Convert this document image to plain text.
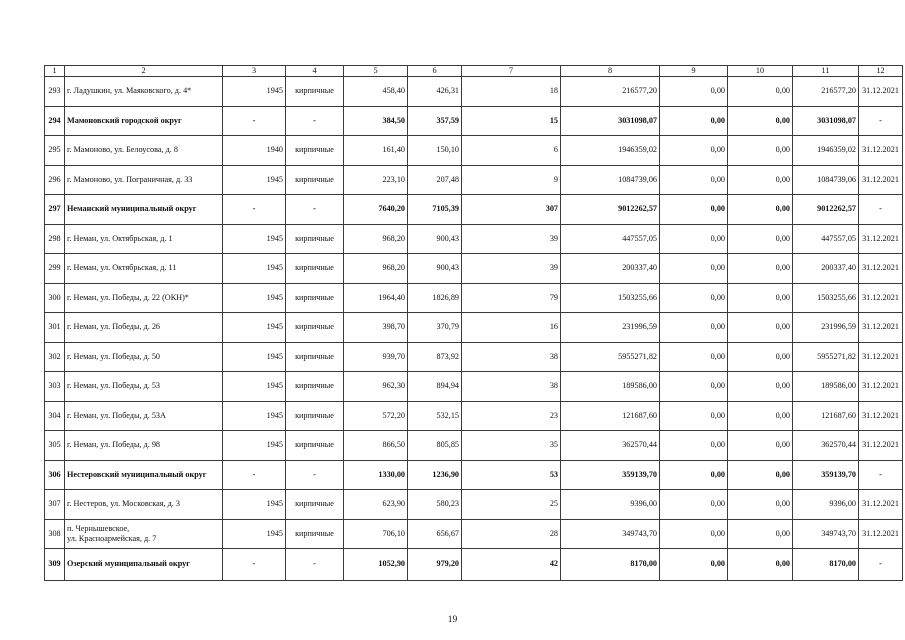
1	2	3	4	5	6	7	8	9	10	11	12
293	г. Ладушкин, ул. Маяковского, д. 4*	1945	кирпичные	458,40	426,31	18	216577,20	0,00	0,00	216577,20	31.12.2021
294	Мамоновский городской округ	-	-	384,50	357,59	15	3031098,07	0,00	0,00	3031098,07	-
295	г. Мамоново, ул. Белоусова, д. 8	1940	кирпичные	161,40	150,10	6	1946359,02	0,00	0,00	1946359,02	31.12.2021
296	г. Мамоново, ул. Пограничная, д. 33	1945	кирпичные	223,10	207,48	9	1084739,06	0,00	0,00	1084739,06	31.12.2021
297	Неманский муниципальный округ	-	-	7640,20	7105,39	307	9012262,57	0,00	0,00	9012262,57	-
298	г. Неман, ул. Октябрьская, д. 1	1945	кирпичные	968,20	900,43	39	447557,05	0,00	0,00	447557,05	31.12.2021
299	г. Неман, ул. Октябрьская, д. 11	1945	кирпичные	968,20	900,43	39	200337,40	0,00	0,00	200337,40	31.12.2021
300	г. Неман, ул. Победы, д. 22 (ОКН)*	1945	кирпичные	1964,40	1826,89	79	1503255,66	0,00	0,00	1503255,66	31.12.2021
301	г. Неман, ул. Победы, д. 26	1945	кирпичные	398,70	370,79	16	231996,59	0,00	0,00	231996,59	31.12.2021
302	г. Неман, ул. Победы, д. 50	1945	кирпичные	939,70	873,92	38	5955271,82	0,00	0,00	5955271,82	31.12.2021
303	г. Неман, ул. Победы, д. 53	1945	кирпичные	962,30	894,94	38	189586,00	0,00	0,00	189586,00	31.12.2021
304	г. Неман, ул. Победы, д. 53А	1945	кирпичные	572,20	532,15	23	121687,60	0,00	0,00	121687,60	31.12.2021
305	г. Неман, ул. Победы, д. 98	1945	кирпичные	866,50	805,85	35	362570,44	0,00	0,00	362570,44	31.12.2021
306	Нестеровский муниципальный округ	-	-	1330,00	1236,90	53	359139,70	0,00	0,00	359139,70	-
307	г. Нестеров, ул. Московская, д. 3	1945	кирпичные	623,90	580,23	25	9396,00	0,00	0,00	9396,00	31.12.2021
308	п. Чернышевское,
ул. Красноармейская, д. 7	1945	кирпичные	706,10	656,67	28	349743,70	0,00	0,00	349743,70	31.12.2021
309	Озерский муниципальный округ	-	-	1052,90	979,20	42	8170,00	0,00	0,00	8170,00	-
19
